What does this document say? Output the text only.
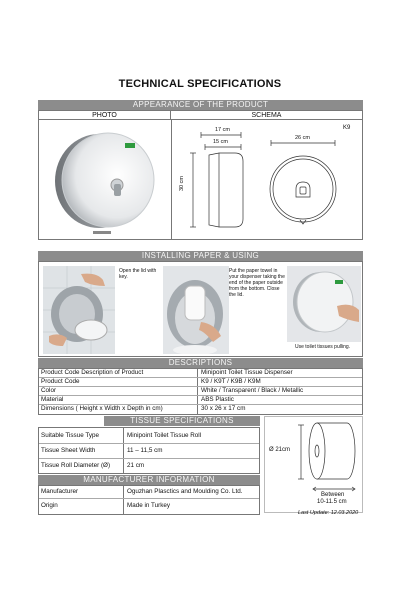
TECHNICAL SPECIFICATIONS
APPEARANCE OF THE PRODUCT
PHOTO	SCHEMA
K9
17 cm
15 cm
30 cm
26 cm
INSTALLING PAPER & USING
Open the lid with key.
Put the paper towel in your dispenser taking the end of the paper outside from the bottom. Close the lid.
Use toilet tissues pulling.
DESCRIPTIONS
Product Code Description of Product	Minipoint Toilet Tissue Dispenser
Product Code	K9 / K9T / K9B / K9M
Color	White / Transparent / Black / Metallic
Material	ABS Plastic
Dimensions ( Height x Width x Depth in cm)	30 x 26 x 17 cm
TISSUE SPECIFICATIONS
Suitable Tissue Type	Minipoint Toilet Tissue Roll
Tissue Sheet Width	11 – 11,5 cm
Tissue Roll Diameter (Ø)	21 cm
MANUFACTURER INFORMATION
Manufacturer	Oguzhan Plasctics and Moulding Co. Ltd.
Origin	Made in Turkey
Ø 21cm
Between
10-11.5 cm
Last Update: 12.03.2020
